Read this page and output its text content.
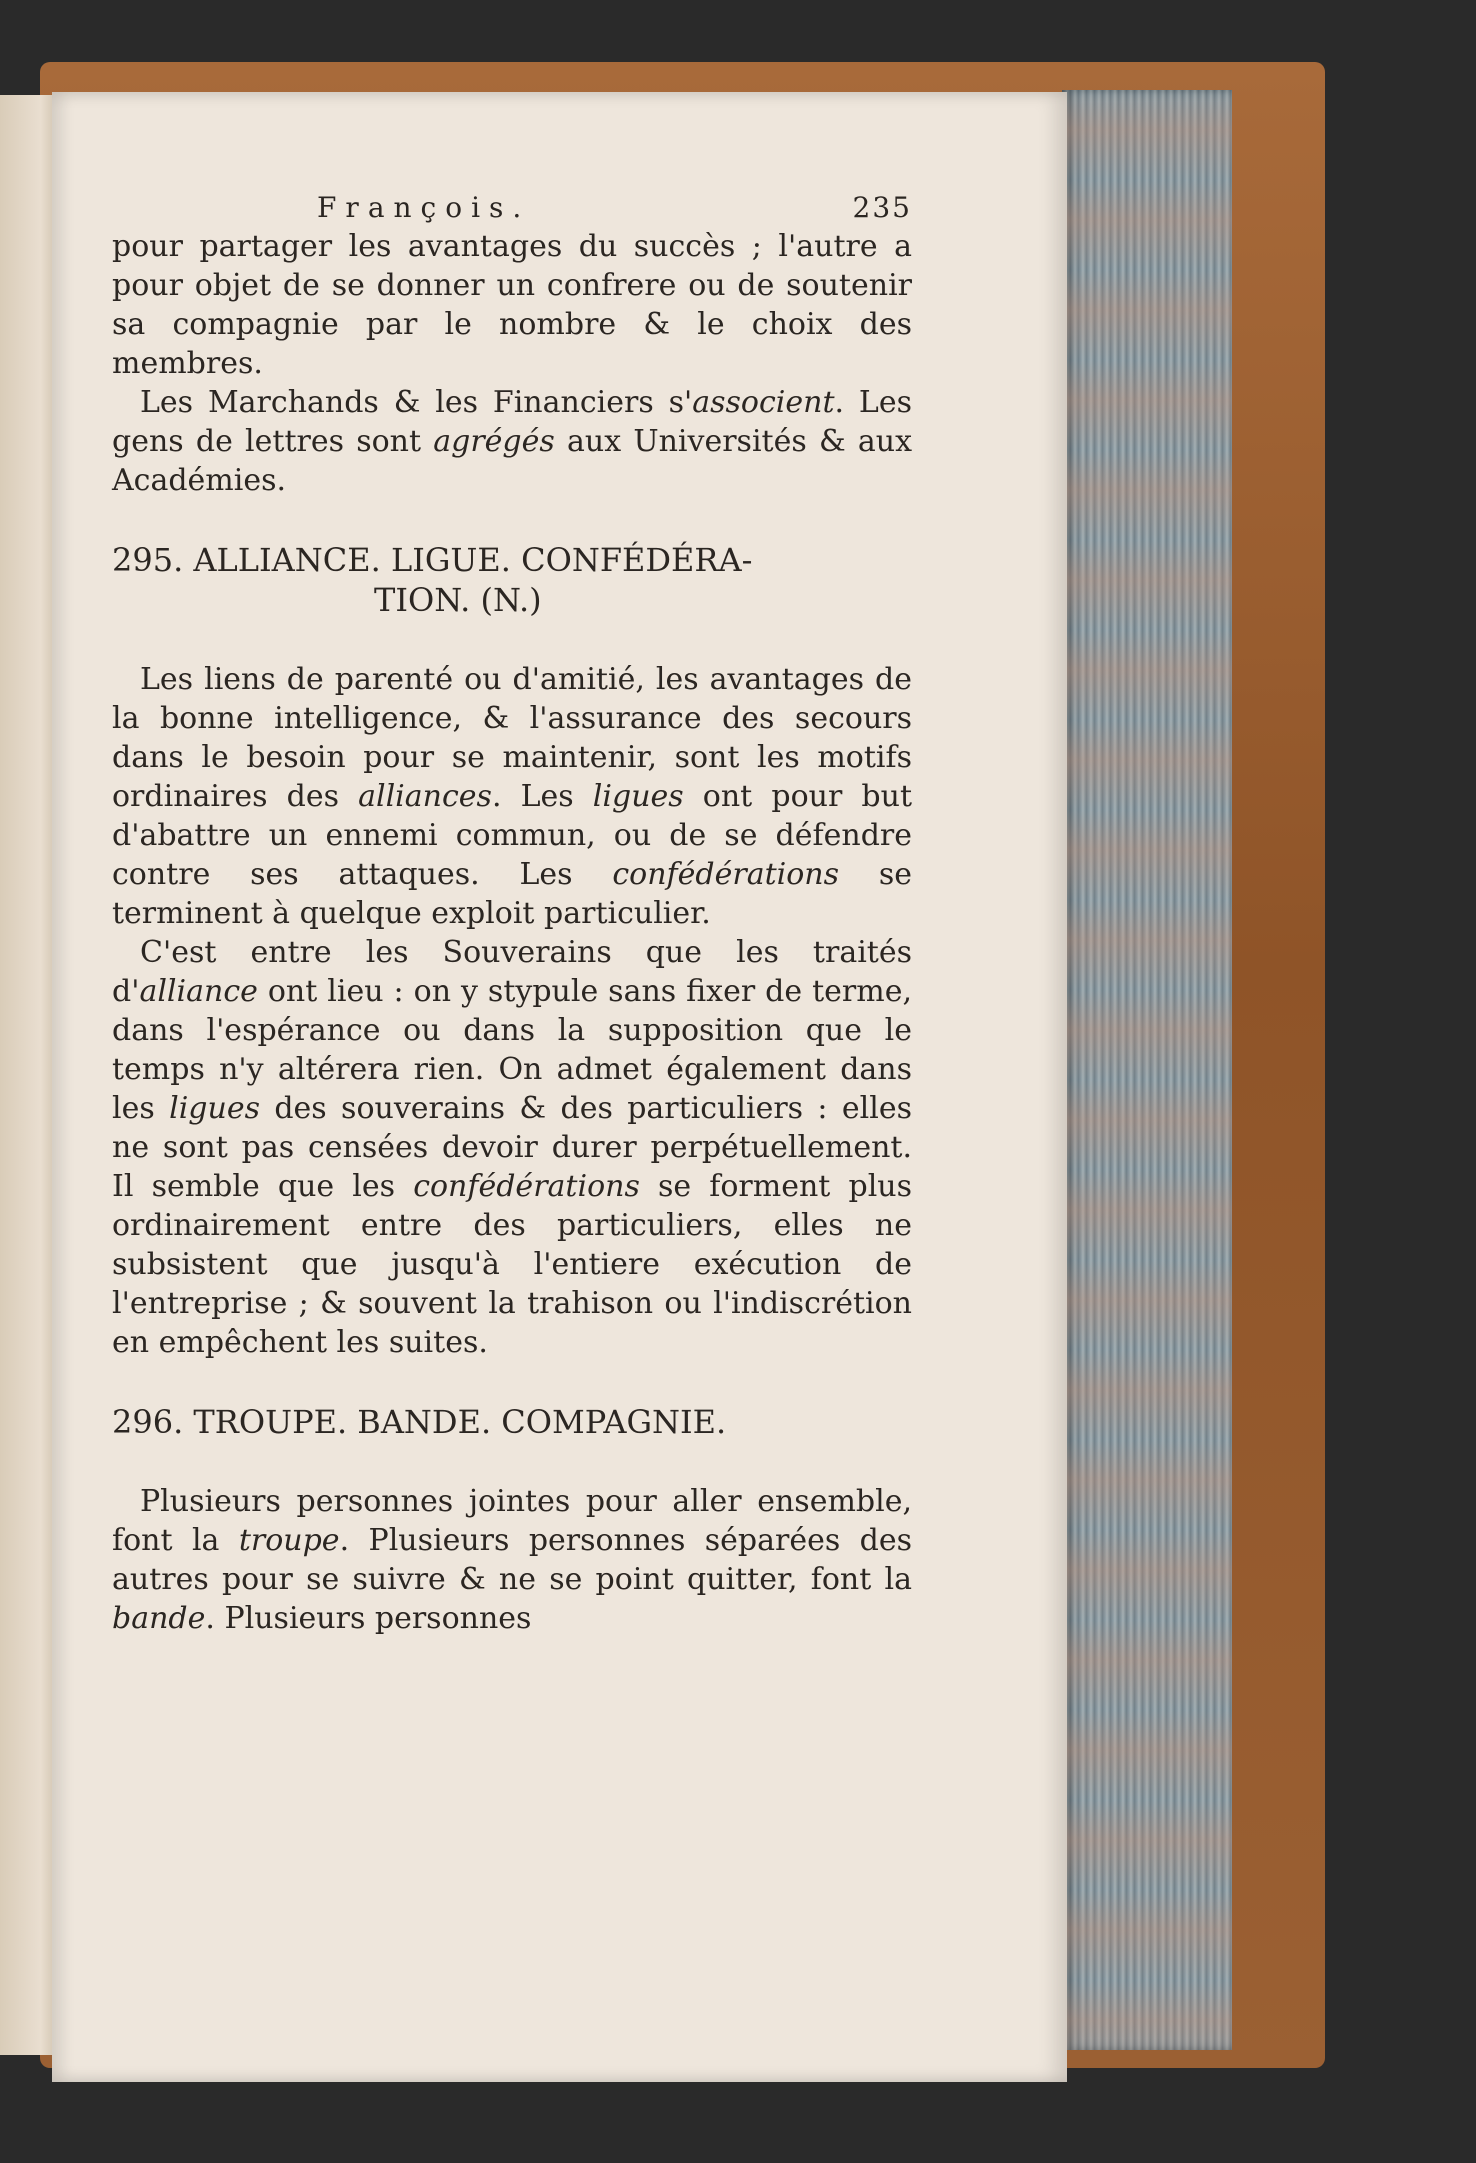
François.	235

pour partager les avantages du succès ; l'autre a pour objet de se donner un confrere ou de soutenir sa compagnie par le nombre & le choix des membres.

Les Marchands & les Financiers s'associent. Les gens de lettres sont agrégés aux Universités & aux Académies.

295. ALLIANCE. LIGUE. CONFÉDÉRA-
TION. (N.)

Les liens de parenté ou d'amitié, les avantages de la bonne intelligence, & l'assurance des secours dans le besoin pour se maintenir, sont les motifs ordinaires des alliances. Les ligues ont pour but d'abattre un ennemi commun, ou de se défendre contre ses attaques. Les confédérations se terminent à quelque exploit particulier.

C'est entre les Souverains que les traités d'alliance ont lieu : on y stypule sans fixer de terme, dans l'espérance ou dans la supposition que le temps n'y altérera rien. On admet également dans les ligues des souverains & des particuliers : elles ne sont pas censées devoir durer perpétuellement. Il semble que les confédérations se forment plus ordinairement entre des particuliers, elles ne subsistent que jusqu'à l'entiere exécution de l'entreprise ; & souvent la trahison ou l'indiscrétion en empêchent les suites.

296. TROUPE. BANDE. COMPAGNIE.

Plusieurs personnes jointes pour aller ensemble, font la troupe. Plusieurs personnes séparées des autres pour se suivre & ne se point quitter, font la bande. Plusieurs personnes
